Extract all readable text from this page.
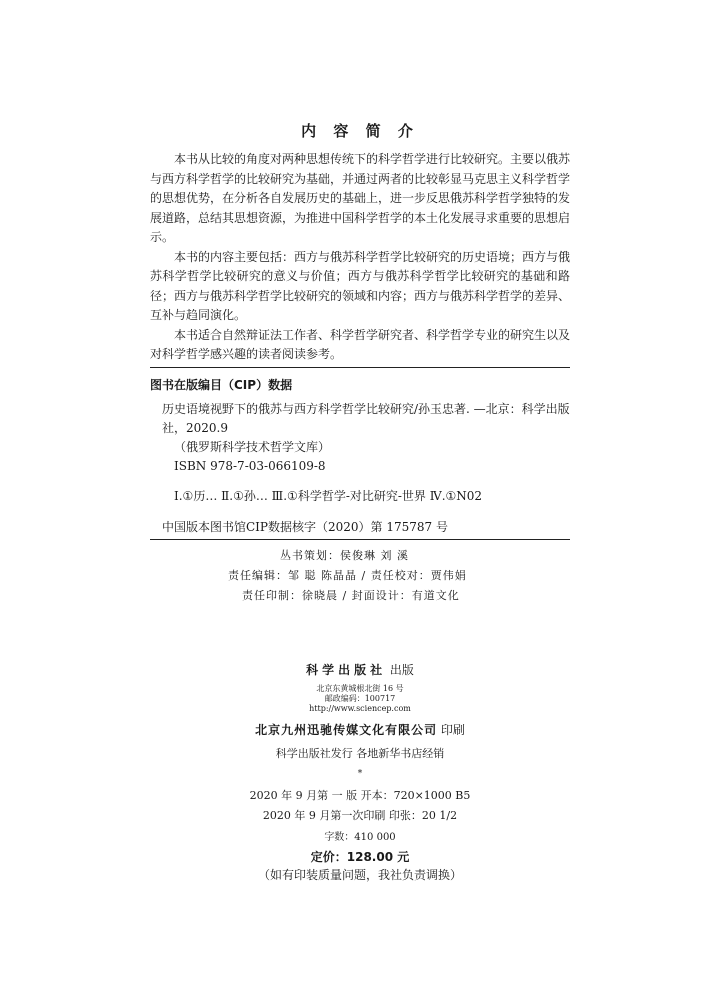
内 容 简 介

本书从比较的角度对两种思想传统下的科学哲学进行比较研究。主要以俄苏与西方科学哲学的比较研究为基础，并通过两者的比较彰显马克思主义科学哲学的思想优势，在分析各自发展历史的基础上，进一步反思俄苏科学哲学独特的发展道路，总结其思想资源，为推进中国科学哲学的本土化发展寻求重要的思想启示。

本书的内容主要包括：西方与俄苏科学哲学比较研究的历史语境；西方与俄苏科学哲学比较研究的意义与价值；西方与俄苏科学哲学比较研究的基础和路径；西方与俄苏科学哲学比较研究的领域和内容；西方与俄苏科学哲学的差异、互补与趋同演化。

本书适合自然辩证法工作者、科学哲学研究者、科学哲学专业的研究生以及对科学哲学感兴趣的读者阅读参考。

图书在版编目（CIP）数据
历史语境视野下的俄苏与西方科学哲学比较研究/孙玉忠著. —北京：科学出版社，2020.9
（俄罗斯科学技术哲学文库）
ISBN 978-7-03-066109-8
Ⅰ.①历… Ⅱ.①孙… Ⅲ.①科学哲学-对比研究-世界 Ⅳ.①N02
中国版本图书馆CIP数据核字（2020）第 175787 号
丛书策划：侯俊琳 刘 溪
责任编辑：邹 聪 陈晶晶 / 责任校对：贾伟娟
责任印制：徐晓晨 / 封面设计：有道文化
科学出版社 出版
北京东黄城根北街 16 号
邮政编码：100717
http://www.sciencep.com
北京九州迅驰传媒文化有限公司 印刷
科学出版社发行 各地新华书店经销
*
2020 年 9 月第 一 版 开本：720×1000 B5
2020 年 9 月第一次印刷 印张：20 1/2
字数：410 000
定价：128.00 元
（如有印装质量问题，我社负责调换）
